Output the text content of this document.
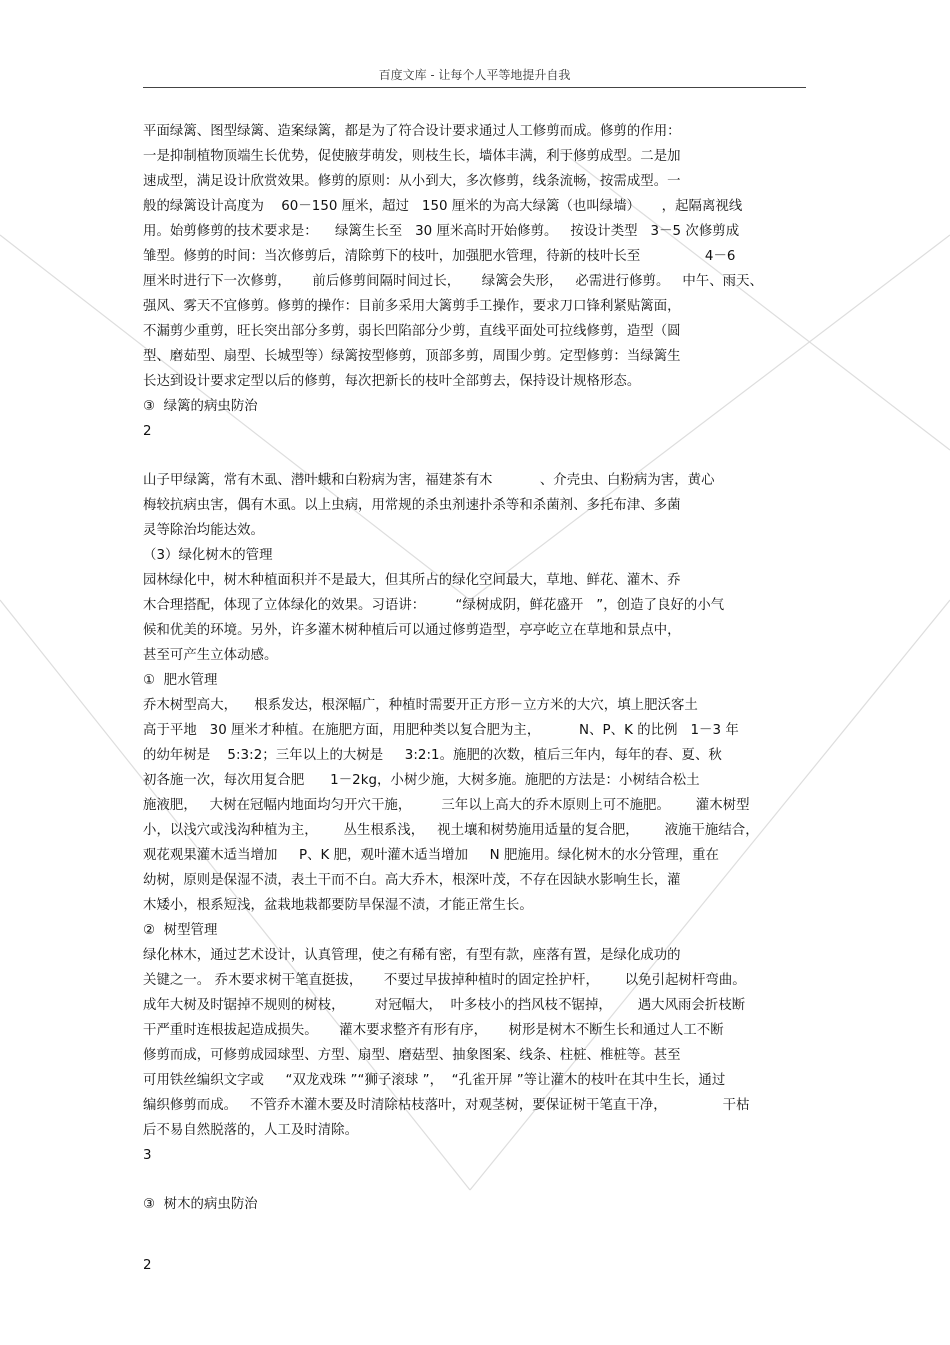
百度文库 - 让每个人平等地提升自我
平面绿篱、图型绿篱、造案绿篱，都是为了符合设计要求通过人工修剪而成。修剪的作用：
一是抑制植物顶端生长优势，促使腋芽萌发，则枝生长，墙体丰满，利于修剪成型。二是加
速成型，满足设计欣赏效果。修剪的原则：从小到大，多次修剪，线条流畅，按需成型。一
般的绿篱设计高度为    60－150 厘米，超过   150 厘米的为高大绿篱（也叫绿墙）     ，起隔离视线
用。始剪修剪的技术要求是：    绿篱生长至   30 厘米高时开始修剪。   按设计类型   3－5 次修剪成
雏型。修剪的时间：当次修剪后，清除剪下的枝叶，加强肥水管理，待新的枝叶长至               4－6
厘米时进行下一次修剪，     前后修剪间隔时间过长，     绿篱会失形，   必需进行修剪。   中午、雨天、
强风、雾天不宜修剪。修剪的操作：目前多采用大篱剪手工操作，要求刀口锋利紧贴篱面，
不漏剪少重剪，旺长突出部分多剪，弱长凹陷部分少剪，直线平面处可拉线修剪，造型（圆
型、磨茹型、扇型、长城型等）绿篱按型修剪，顶部多剪，周围少剪。定型修剪：当绿篱生
长达到设计要求定型以后的修剪，每次把新长的枝叶全部剪去，保持设计规格形态。
③  绿篱的病虫防治
2
山子甲绿篱，常有木虱、潜叶蛾和白粉病为害，福建茶有木           、介壳虫、白粉病为害，黄心
梅较抗病虫害，偶有木虱。以上虫病，用常规的杀虫剂速扑杀等和杀菌剂、多托布津、多菌
灵等除治均能达效。
（3）绿化树木的管理
园林绿化中，树木种植面积并不是最大，但其所占的绿化空间最大，草地、鲜花、灌木、乔
木合理搭配，体现了立体绿化的效果。习语讲：       “绿树成阴，鲜花盛开   ”，创造了良好的小气
候和优美的环境。另外，许多灌木树种植后可以通过修剪造型，亭亭屹立在草地和景点中，
甚至可产生立体动感。
①  肥水管理
乔木树型高大，    根系发达，根深幅广，种植时需要开正方形－立方米的大穴，填上肥沃客土
高于平地   30 厘米才种植。在施肥方面，用肥种类以复合肥为主，         N、P、K 的比例   1－3 年
的幼年树是    5:3:2；三年以上的大树是     3:2:1。施肥的次数，植后三年内，每年的春、夏、秋
初各施一次，每次用复合肥      1－2kg，小树少施，大树多施。施肥的方法是：小树结合松土
施液肥，   大树在冠幅内地面均匀开穴干施，       三年以上高大的乔木原则上可不施肥。      灌木树型
小，以浅穴或浅沟种植为主，      丛生根系浅，   视土壤和树势施用适量的复合肥，      液施干施结合，
观花观果灌木适当增加     P、K 肥，观叶灌木适当增加     N 肥施用。绿化树木的水分管理，重在
幼树，原则是保湿不渍，表土干而不白。高大乔木，根深叶茂，不存在因缺水影响生长，灌
木矮小，根系短浅，盆栽地栽都要防旱保湿不渍，才能正常生长。
②  树型管理
绿化林木，通过艺术设计，认真管理，使之有稀有密，有型有款，座落有置，是绿化成功的
关键之一。 乔木要求树干笔直挺拔，     不要过早拔掉种植时的固定拴护杆，      以免引起树杆弯曲。
成年大树及时锯掉不规则的树枝，       对冠幅大，  叶多枝小的挡风枝不锯掉，      遇大风雨会折枝断
干严重时连根拔起造成损失。     灌木要求整齐有形有序，     树形是树木不断生长和通过人工不断
修剪而成，可修剪成园球型、方型、扇型、磨菇型、抽象图案、线条、柱桩、椎桩等。甚至
可用铁丝编织文字或     “双龙戏珠 ”“狮子滚球 ”，  “孔雀开屏 ”等让灌木的枝叶在其中生长，通过
编织修剪而成。   不管乔木灌木要及时清除枯枝落叶，对观茎树，要保证树干笔直干净，             干枯
后不易自然脱落的，人工及时清除。
3
③  树木的病虫防治
2
